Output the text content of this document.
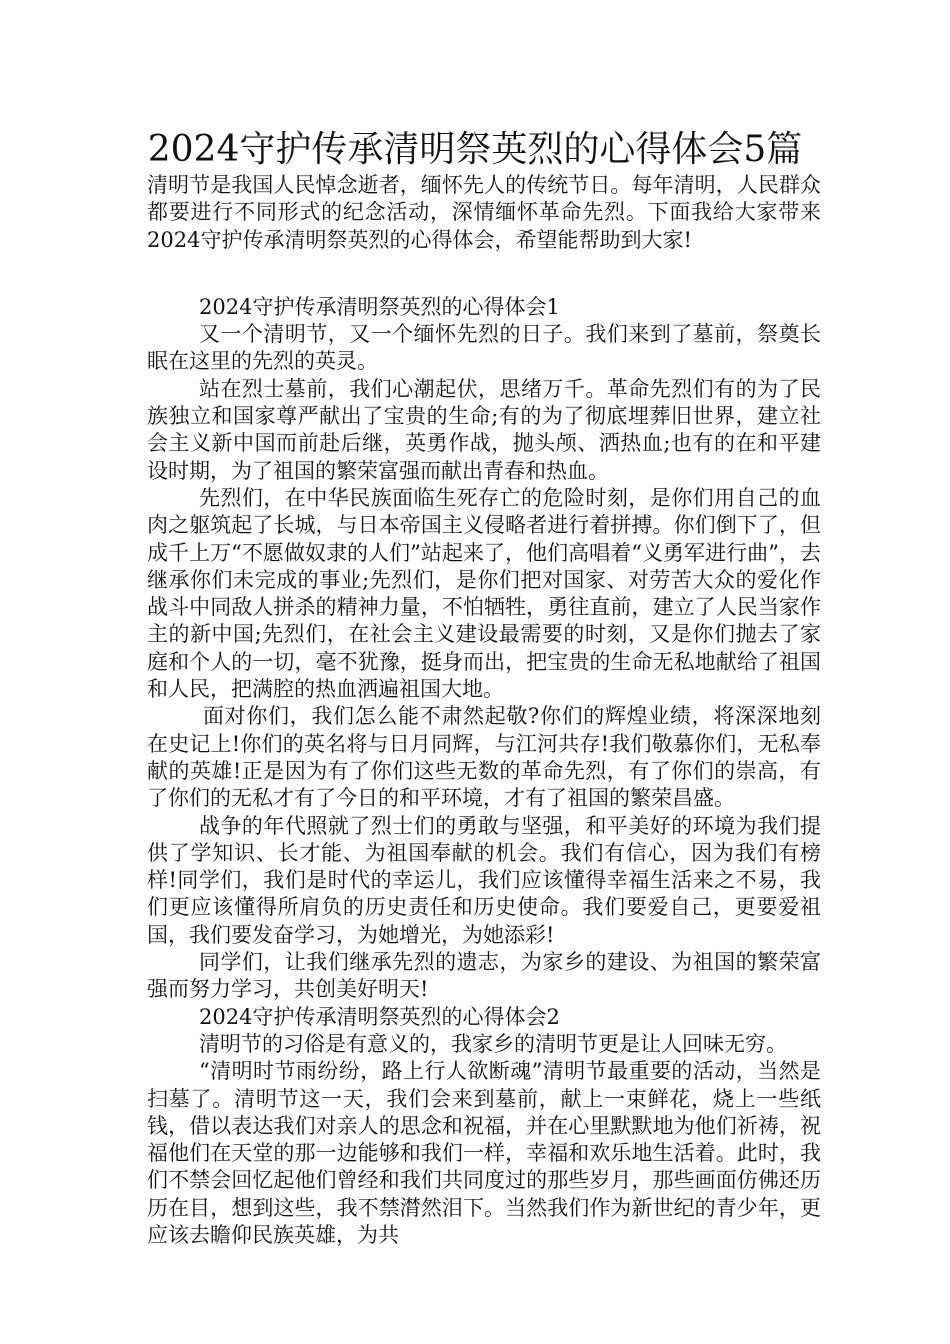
2024守护传承清明祭英烈的心得体会5篇

清明节是我国人民悼念逝者，缅怀先人的传统节日。每年清明，人民群众都要进行不同形式的纪念活动，深情缅怀革命先烈。下面我给大家带来2024守护传承清明祭英烈的心得体会，希望能帮助到大家!

2024守护传承清明祭英烈的心得体会1

又一个清明节，又一个缅怀先烈的日子。我们来到了墓前，祭奠长眠在这里的先烈的英灵。

站在烈士墓前，我们心潮起伏，思绪万千。革命先烈们有的为了民族独立和国家尊严献出了宝贵的生命;有的为了彻底埋葬旧世界，建立社会主义新中国而前赴后继，英勇作战，抛头颅、洒热血;也有的在和平建设时期，为了祖国的繁荣富强而献出青春和热血。

先烈们，在中华民族面临生死存亡的危险时刻，是你们用自己的血肉之躯筑起了长城，与日本帝国主义侵略者进行着拼搏。你们倒下了，但成千上万“不愿做奴隶的人们”站起来了，他们高唱着“义勇军进行曲”，去继承你们未完成的事业;先烈们，是你们把对国家、对劳苦大众的爱化作战斗中同敌人拼杀的精神力量，不怕牺牲，勇往直前，建立了人民当家作主的新中国;先烈们，在社会主义建设最需要的时刻，又是你们抛去了家庭和个人的一切，毫不犹豫，挺身而出，把宝贵的生命无私地献给了祖国和人民，把满腔的热血洒遍祖国大地。

面对你们，我们怎么能不肃然起敬?你们的辉煌业绩，将深深地刻在史记上!你们的英名将与日月同辉，与江河共存!我们敬慕你们，无私奉献的英雄!正是因为有了你们这些无数的革命先烈，有了你们的崇高，有了你们的无私才有了今日的和平环境，才有了祖国的繁荣昌盛。

战争的年代照就了烈士们的勇敢与坚强，和平美好的环境为我们提供了学知识、长才能、为祖国奉献的机会。我们有信心，因为我们有榜样!同学们，我们是时代的幸运儿，我们应该懂得幸福生活来之不易，我们更应该懂得所肩负的历史责任和历史使命。我们要爱自己，更要爱祖国，我们要发奋学习，为她增光，为她添彩!

同学们，让我们继承先烈的遗志，为家乡的建设、为祖国的繁荣富强而努力学习，共创美好明天!

2024守护传承清明祭英烈的心得体会2

清明节的习俗是有意义的，我家乡的清明节更是让人回味无穷。

“清明时节雨纷纷，路上行人欲断魂”清明节最重要的活动，当然是扫墓了。清明节这一天，我们会来到墓前，献上一束鲜花，烧上一些纸钱，借以表达我们对亲人的思念和祝福，并在心里默默地为他们祈祷，祝福他们在天堂的那一边能够和我们一样，幸福和欢乐地生活着。此时，我们不禁会回忆起他们曾经和我们共同度过的那些岁月，那些画面仿佛还历历在目，想到这些，我不禁潸然泪下。当然我们作为新世纪的青少年，更应该去瞻仰民族英雄，为共
